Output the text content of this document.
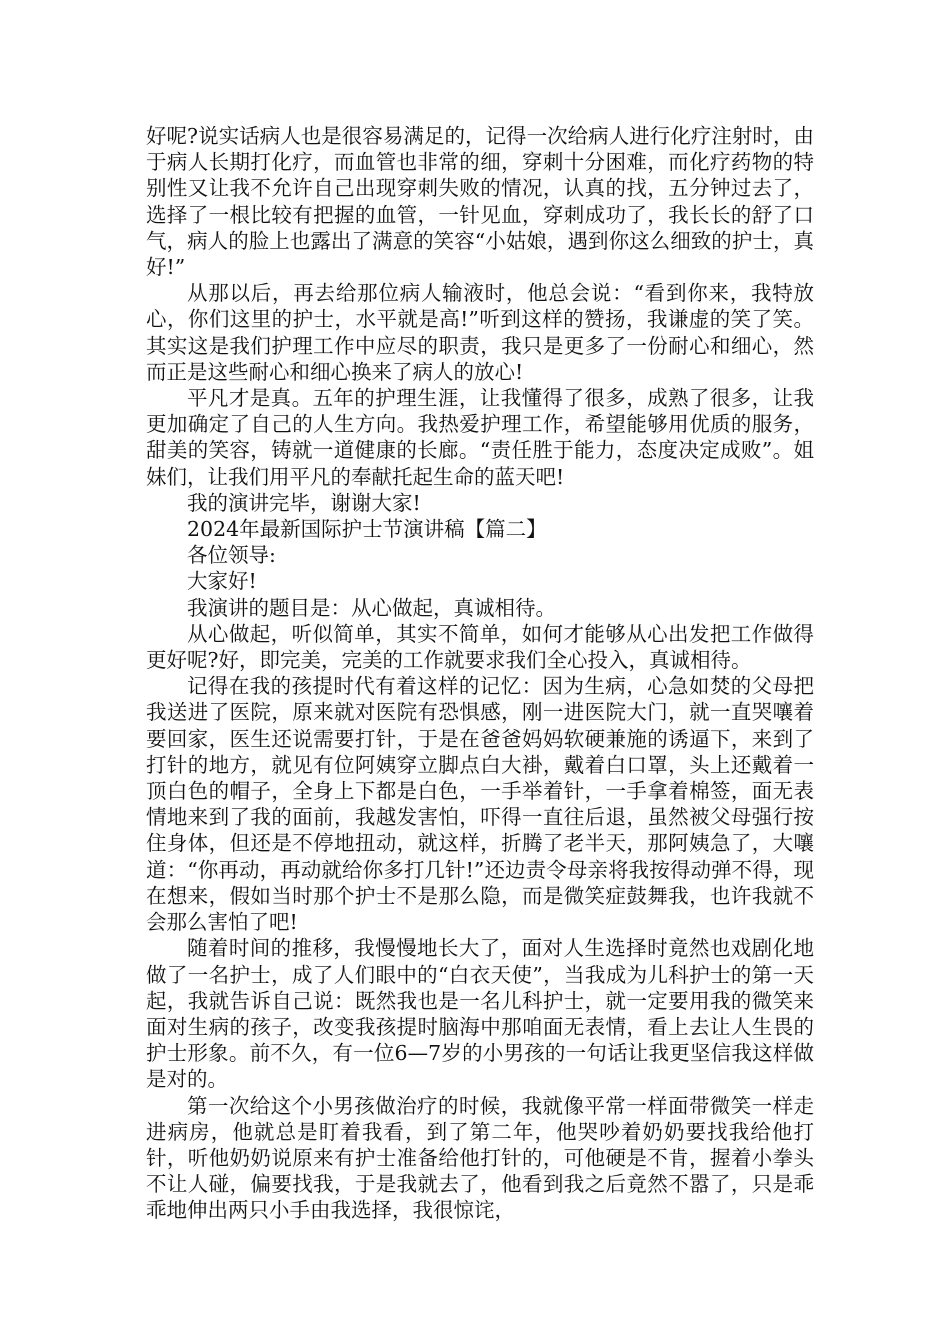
好呢?说实话病人也是很容易满足的，记得一次给病人进行化疗注射时，由于病人长期打化疗，而血管也非常的细，穿刺十分困难，而化疗药物的特别性又让我不允许自己出现穿刺失败的情况，认真的找，五分钟过去了，选择了一根比较有把握的血管，一针见血，穿刺成功了，我长长的舒了口气，病人的脸上也露出了满意的笑容“小姑娘，遇到你这么细致的护士，真好!”

从那以后，再去给那位病人输液时，他总会说：“看到你来，我特放心，你们这里的护士，水平就是高!”听到这样的赞扬，我谦虚的笑了笑。其实这是我们护理工作中应尽的职责，我只是更多了一份耐心和细心，然而正是这些耐心和细心换来了病人的放心!

平凡才是真。五年的护理生涯，让我懂得了很多，成熟了很多，让我更加确定了自己的人生方向。我热爱护理工作，希望能够用优质的服务，甜美的笑容，铸就一道健康的长廊。“责任胜于能力，态度决定成败”。姐妹们，让我们用平凡的奉献托起生命的蓝天吧!

我的演讲完毕，谢谢大家!

2024年最新国际护士节演讲稿【篇二】

各位领导:

大家好!

我演讲的题目是：从心做起，真诚相待。

从心做起，听似简单，其实不简单，如何才能够从心出发把工作做得更好呢?好，即完美，完美的工作就要求我们全心投入，真诚相待。

记得在我的孩提时代有着这样的记忆：因为生病，心急如焚的父母把我送进了医院，原来就对医院有恐惧感，刚一进医院大门，就一直哭嚷着要回家，医生还说需要打针，于是在爸爸妈妈软硬兼施的诱逼下，来到了打针的地方，就见有位阿姨穿立脚点白大褂，戴着白口罩，头上还戴着一顶白色的帽子，全身上下都是白色，一手举着针，一手拿着棉签，面无表情地来到了我的面前，我越发害怕，吓得一直往后退，虽然被父母强行按住身体，但还是不停地扭动，就这样，折腾了老半天，那阿姨急了，大嚷道：“你再动，再动就给你多打几针!”还边责令母亲将我按得动弹不得，现在想来，假如当时那个护士不是那么隐，而是微笑症鼓舞我，也许我就不会那么害怕了吧!

随着时间的推移，我慢慢地长大了，面对人生选择时竟然也戏剧化地做了一名护士，成了人们眼中的“白衣天使”，当我成为儿科护士的第一天起，我就告诉自己说：既然我也是一名儿科护士，就一定要用我的微笑来面对生病的孩子，改变我孩提时脑海中那咱面无表情，看上去让人生畏的护士形象。前不久，有一位6—7岁的小男孩的一句话让我更坚信我这样做是对的。

第一次给这个小男孩做治疗的时候，我就像平常一样面带微笑一样走进病房，他就总是盯着我看，到了第二年，他哭吵着奶奶要找我给他打针，听他奶奶说原来有护士准备给他打针的，可他硬是不肯，握着小拳头不让人碰，偏要找我，于是我就去了，他看到我之后竟然不嚣了，只是乖乖地伸出两只小手由我选择，我很惊诧，
